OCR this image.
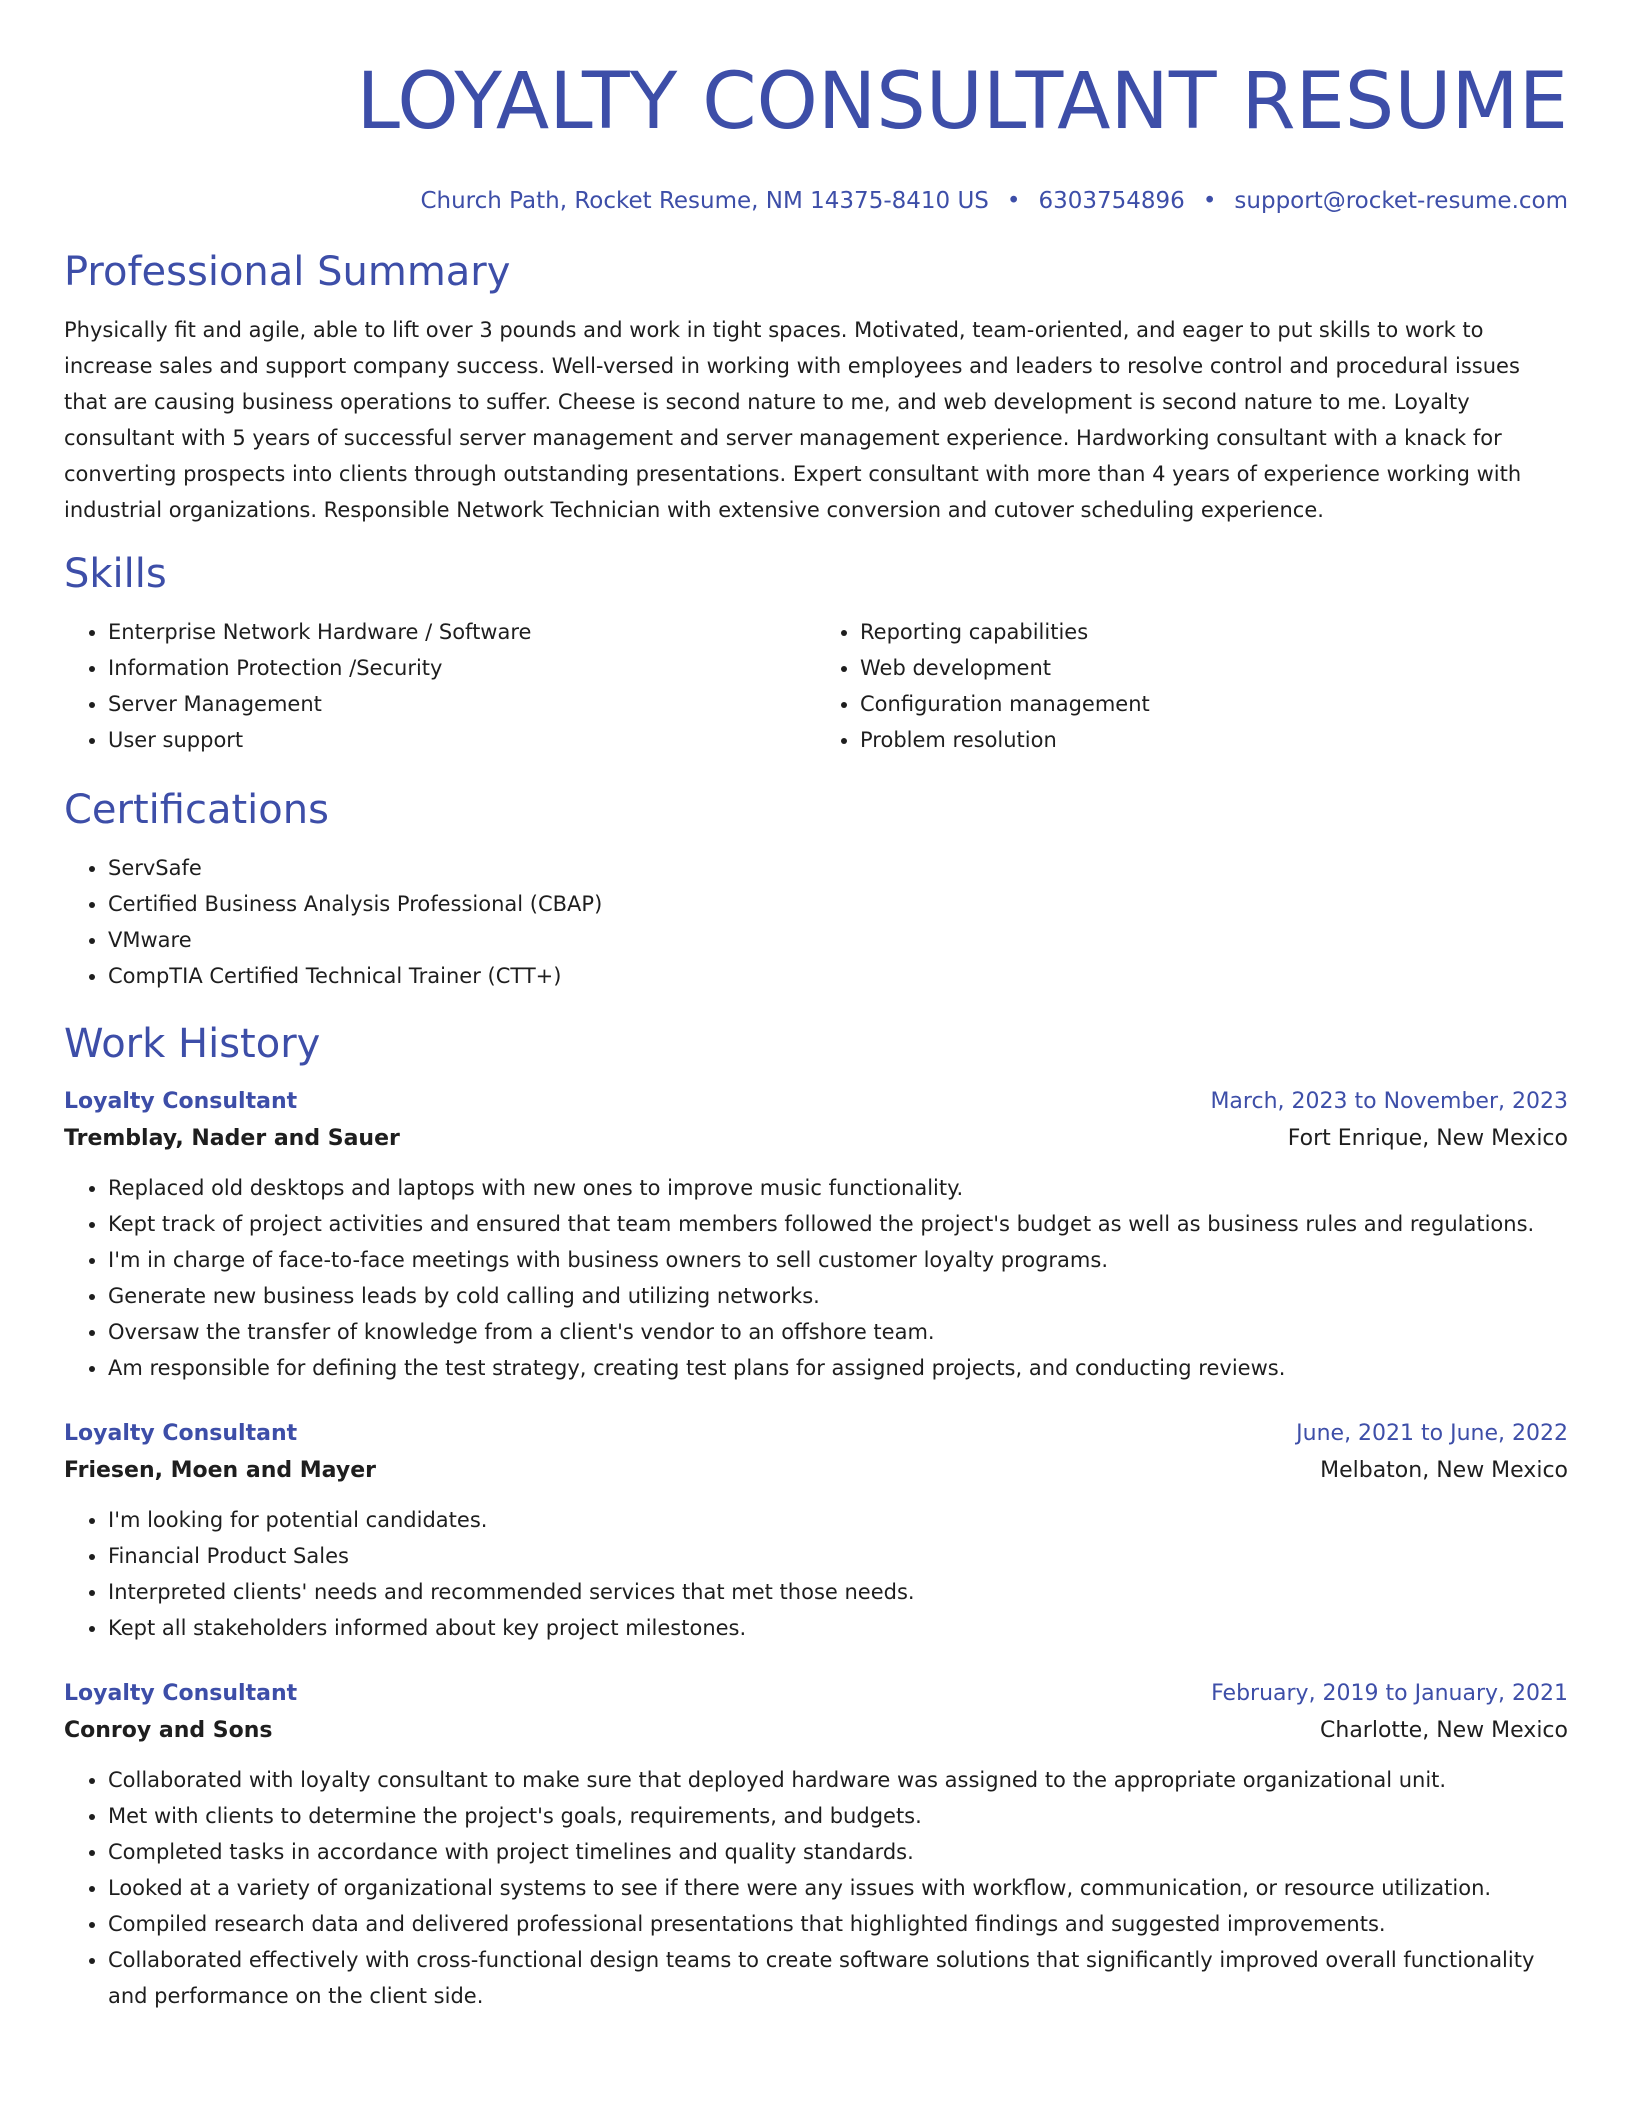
LOYALTY CONSULTANT RESUME
Church Path, Rocket Resume, NM 14375-8410 US • 6303754896 • support@rocket-resume.com
Professional Summary
Physically fit and agile, able to lift over 3 pounds and work in tight spaces. Motivated, team-oriented, and eager to put skills to work to increase sales and support company success. Well-versed in working with employees and leaders to resolve control and procedural issues that are causing business operations to suffer. Cheese is second nature to me, and web development is second nature to me. Loyalty consultant with 5 years of successful server management and server management experience. Hardworking consultant with a knack for converting prospects into clients through outstanding presentations. Expert consultant with more than 4 years of experience working with industrial organizations. Responsible Network Technician with extensive conversion and cutover scheduling experience.
Skills
• Enterprise Network Hardware / Software
• Information Protection /Security
• Server Management
• User support
• Reporting capabilities
• Web development
• Configuration management
• Problem resolution
Certifications
• ServSafe
• Certified Business Analysis Professional (CBAP)
• VMware
• CompTIA Certified Technical Trainer (CTT+)
Work History
Loyalty Consultant	March, 2023 to November, 2023
Tremblay, Nader and Sauer	Fort Enrique, New Mexico
• Replaced old desktops and laptops with new ones to improve music functionality.
• Kept track of project activities and ensured that team members followed the project's budget as well as business rules and regulations.
• I'm in charge of face-to-face meetings with business owners to sell customer loyalty programs.
• Generate new business leads by cold calling and utilizing networks.
• Oversaw the transfer of knowledge from a client's vendor to an offshore team.
• Am responsible for defining the test strategy, creating test plans for assigned projects, and conducting reviews.
Loyalty Consultant	June, 2021 to June, 2022
Friesen, Moen and Mayer	Melbaton, New Mexico
• I'm looking for potential candidates.
• Financial Product Sales
• Interpreted clients' needs and recommended services that met those needs.
• Kept all stakeholders informed about key project milestones.
Loyalty Consultant	February, 2019 to January, 2021
Conroy and Sons	Charlotte, New Mexico
• Collaborated with loyalty consultant to make sure that deployed hardware was assigned to the appropriate organizational unit.
• Met with clients to determine the project's goals, requirements, and budgets.
• Completed tasks in accordance with project timelines and quality standards.
• Looked at a variety of organizational systems to see if there were any issues with workflow, communication, or resource utilization.
• Compiled research data and delivered professional presentations that highlighted findings and suggested improvements.
• Collaborated effectively with cross-functional design teams to create software solutions that significantly improved overall functionality and performance on the client side.
